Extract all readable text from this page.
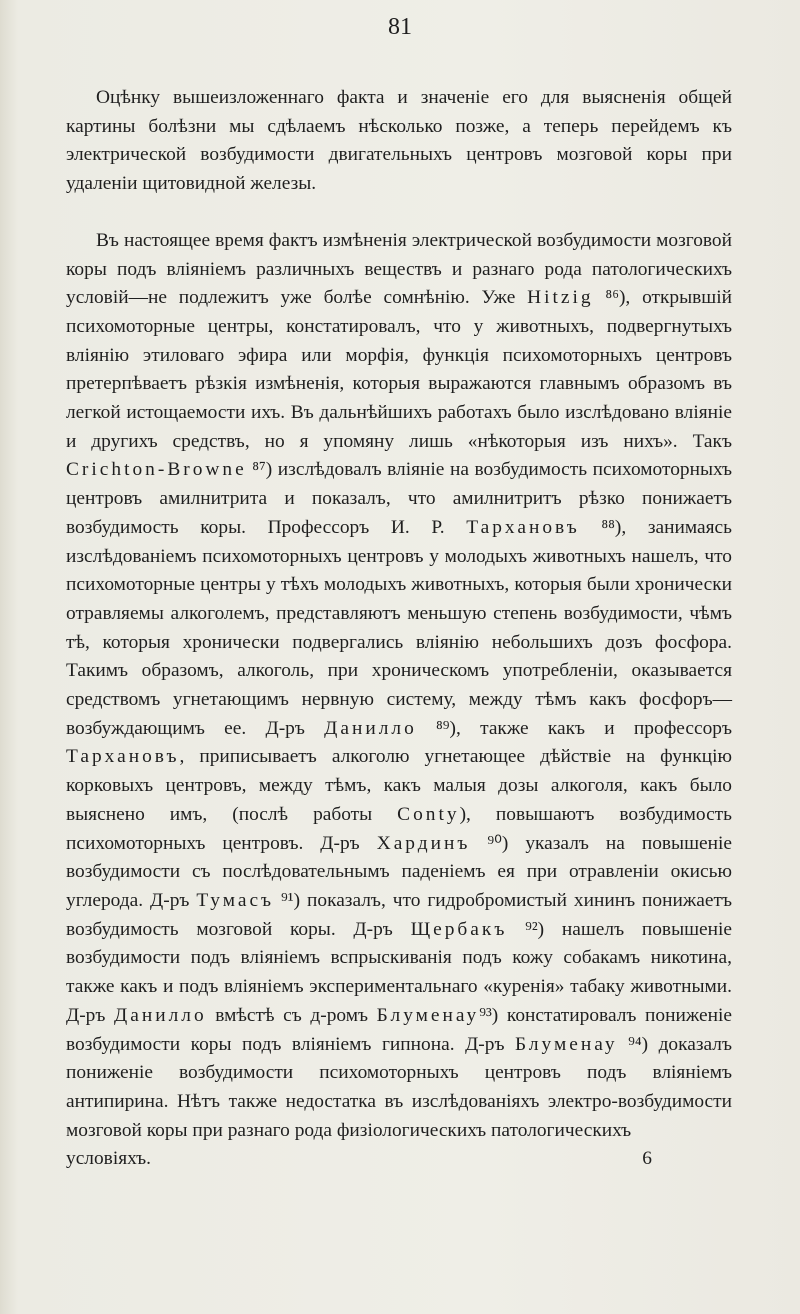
81

Оцѣнку вышеизложеннаго факта и значеніе его для выясненія общей картины болѣзни мы сдѣлаемъ нѣсколько позже, а теперь перейдемъ къ электрической возбудимости двигательныхъ центровъ мозговой коры при удаленіи щитовидной железы.

Въ настоящее время фактъ измѣненія электрической возбудимости мозговой коры подъ вліяніемъ различныхъ веществъ и разнаго рода патологическихъ условій—не подлежитъ уже болѣе сомнѣнію. Уже Hitzig ⁸⁶), открывшій психомоторные центры, констатировалъ, что у животныхъ, подвергнутыхъ вліянію этиловаго эфира или морфія, функція психомоторныхъ центровъ претерпѣваетъ рѣзкія измѣненія, которыя выражаются главнымъ образомъ въ легкой истощаемости ихъ. Въ дальнѣйшихъ работахъ было изслѣдовано вліяніе и другихъ средствъ, но я упомяну лишь «нѣкоторыя изъ нихъ». Такъ Crichton-Browne ⁸⁷) изслѣдовалъ вліяніе на возбудимость психомоторныхъ центровъ амилнитрита и показалъ, что амилнитритъ рѣзко понижаетъ возбудимость коры. Профессоръ И. Р. Тархановъ ⁸⁸), занимаясь изслѣдованіемъ психомоторныхъ центровъ у молодыхъ животныхъ нашелъ, что психомоторные центры у тѣхъ молодыхъ животныхъ, которыя были хронически отравляемы алкоголемъ, представляютъ меньшую степень возбудимости, чѣмъ тѣ, которыя хронически подвергались вліянію небольшихъ дозъ фосфора. Такимъ образомъ, алкоголь, при хроническомъ употребленіи, оказывается средствомъ угнетающимъ нервную систему, между тѣмъ какъ фосфоръ—возбуждающимъ ее. Д-ръ Данилло ⁸⁹), также какъ и профессоръ Тархановъ, приписываетъ алкоголю угнетающее дѣйствіе на функцію корковыхъ центровъ, между тѣмъ, какъ малыя дозы алкоголя, какъ было выяснено имъ, (послѣ работы Conty), повышаютъ возбудимость психомоторныхъ центровъ. Д-ръ Хардинъ ⁹⁰) указалъ на повышеніе возбудимости съ послѣдовательнымъ паденіемъ ея при отравленіи окисью углерода. Д-ръ Тумасъ ⁹¹) показалъ, что гидробромистый хининъ понижаетъ возбудимость мозговой коры. Д-ръ Щербакъ ⁹²) нашелъ повышеніе возбудимости подъ вліяніемъ вспрыскиванія подъ кожу собакамъ никотина, также какъ и подъ вліяніемъ экспериментальнаго «куренія» табаку животными. Д-ръ Данилло вмѣстѣ съ д-ромъ Блуменау⁹³) констатировалъ пониженіе возбудимости коры подъ вліяніемъ гипнона. Д-ръ Блуменау ⁹⁴) доказалъ пониженіе возбудимости психомоторныхъ центровъ подъ вліяніемъ антипирина. Нѣтъ также недостатка въ изслѣдованіяхъ электро-возбудимости мозговой коры при разнаго рода физіологическихъ патологическихъ

условіяхъ.	6
